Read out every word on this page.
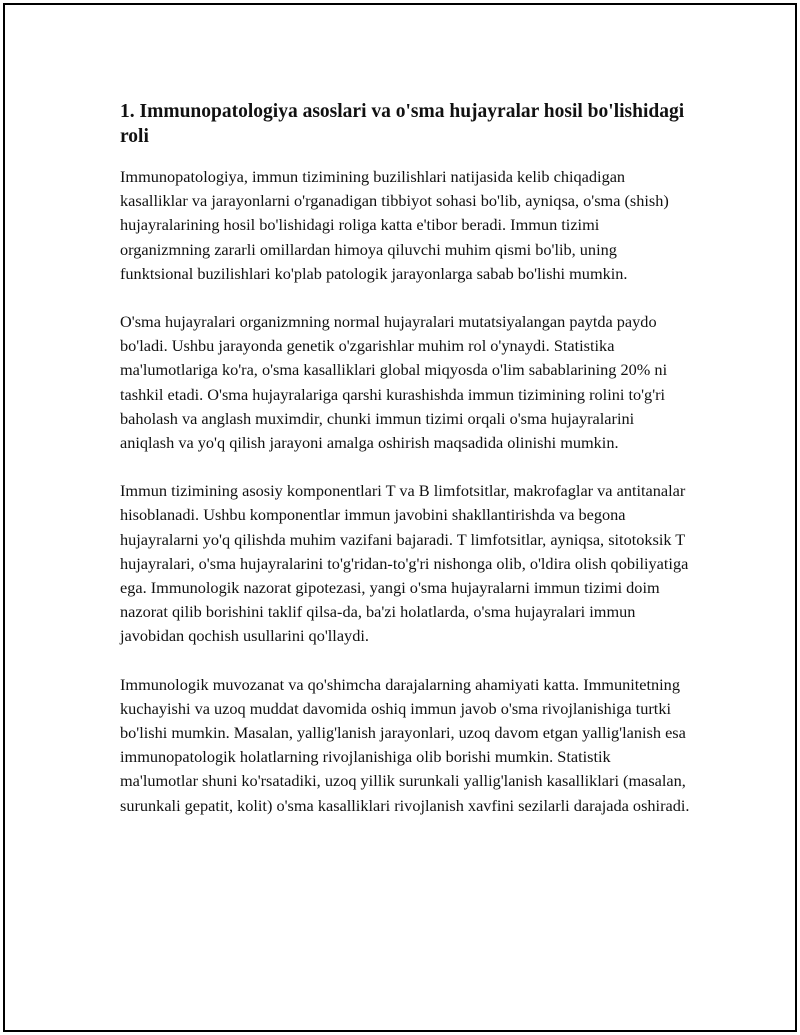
1. Immunopatologiya asoslari va o'sma hujayralar hosil bo'lishidagi roli

Immunopatologiya, immun tizimining buzilishlari natijasida kelib chiqadigan kasalliklar va jarayonlarni o'rganadigan tibbiyot sohasi bo'lib, ayniqsa, o'sma (shish) hujayralarining hosil bo'lishidagi roliga katta e'tibor beradi. Immun tizimi organizmning zararli omillardan himoya qiluvchi muhim qismi bo'lib, uning funktsional buzilishlari ko'plab patologik jarayonlarga sabab bo'lishi mumkin.

O'sma hujayralari organizmning normal hujayralari mutatsiyalangan paytda paydo bo'ladi. Ushbu jarayonda genetik o'zgarishlar muhim rol o'ynaydi. Statistika ma'lumotlariga ko'ra, o'sma kasalliklari global miqyosda o'lim sabablarining 20% ni tashkil etadi. O'sma hujayralariga qarshi kurashishda immun tizimining rolini to'g'ri baholash va anglash muximdir, chunki immun tizimi orqali o'sma hujayralarini aniqlash va yo'q qilish jarayoni amalga oshirish maqsadida olinishi mumkin.

Immun tizimining asosiy komponentlari T va B limfotsitlar, makrofaglar va antitanalar hisoblanadi. Ushbu komponentlar immun javobini shakllantirishda va begona hujayralarni yo'q qilishda muhim vazifani bajaradi. T limfotsitlar, ayniqsa, sitotoksik T hujayralari, o'sma hujayralarini to'g'ridan-to'g'ri nishonga olib, o'ldira olish qobiliyatiga ega. Immunologik nazorat gipotezasi, yangi o'sma hujayralarni immun tizimi doim nazorat qilib borishini taklif qilsa-da, ba'zi holatlarda, o'sma hujayralari immun javobidan qochish usullarini qo'llaydi.

Immunologik muvozanat va qo'shimcha darajalarning ahamiyati katta. Immunitetning kuchayishi va uzoq muddat davomida oshiq immun javob o'sma rivojlanishiga turtki bo'lishi mumkin. Masalan, yallig'lanish jarayonlari, uzoq davom etgan yallig'lanish esa immunopatologik holatlarning rivojlanishiga olib borishi mumkin. Statistik ma'lumotlar shuni ko'rsatadiki, uzoq yillik surunkali yallig'lanish kasalliklari (masalan, surunkali gepatit, kolit) o'sma kasalliklari rivojlanish xavfini sezilarli darajada oshiradi.
